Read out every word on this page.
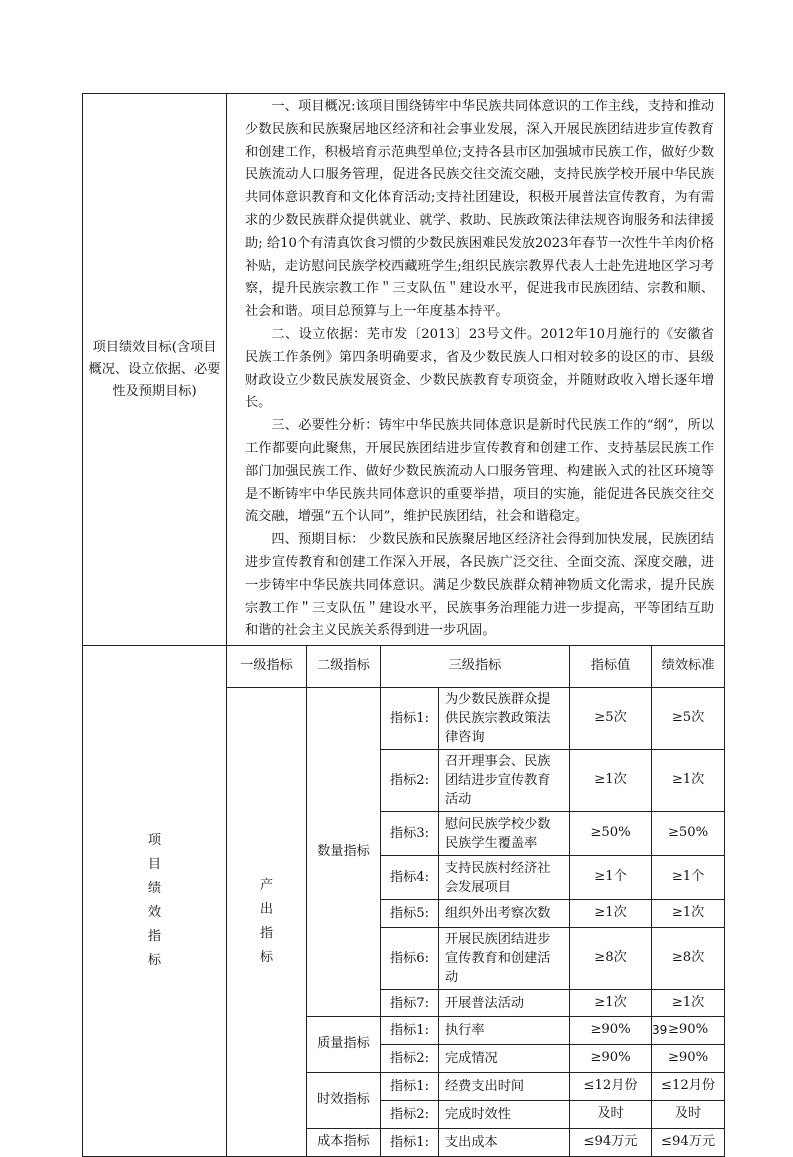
项目绩效目标(含项目概况、设立依据、必要性及预期目标)	一、项目概况:该项目围绕铸牢中华民族共同体意识的工作主线，支持和推动少数民族和民族聚居地区经济和社会事业发展，深入开展民族团结进步宣传教育和创建工作，积极培育示范典型单位;支持各县市区加强城市民族工作，做好少数民族流动人口服务管理，促进各民族交往交流交融，支持民族学校开展中华民族共同体意识教育和文化体育活动;支持社团建设，积极开展普法宣传教育，为有需求的少数民族群众提供就业、就学、救助、民族政策法律法规咨询服务和法律援助; 给10个有清真饮食习惯的少数民族困难民发放2023年春节一次性牛羊肉价格补贴，走访慰问民族学校西藏班学生;组织民族宗教界代表人士赴先进地区学习考察，提升民族宗教工作＂三支队伍＂建设水平，促进我市民族团结、宗教和顺、社会和谐。项目总预算与上一年度基本持平。

二、设立依据：芜市发〔2013〕23号文件。2012年10月施行的《安徽省民族工作条例》第四条明确要求，省及少数民族人口相对较多的设区的市、县级财政设立少数民族发展资金、少数民族教育专项资金，并随财政收入增长逐年增长。

三、必要性分析：铸牢中华民族共同体意识是新时代民族工作的“纲”，所以工作都要向此聚焦，开展民族团结进步宣传教育和创建工作、支持基层民族工作部门加强民族工作、做好少数民族流动人口服务管理、构建嵌入式的社区环境等是不断铸牢中华民族共同体意识的重要举措，项目的实施，能促进各民族交往交流交融，增强“五个认同”，维护民族团结，社会和谐稳定。

四、预期目标： 少数民族和民族聚居地区经济社会得到加快发展，民族团结进步宣传教育和创建工作深入开展，各民族广泛交往、全面交流、深度交融，进一步铸牢中华民族共同体意识。满足少数民族群众精神物质文化需求，提升民族宗教工作＂三支队伍＂建设水平，民族事务治理能力进一步提高，平等团结互助和谐的社会主义民族关系得到进一步巩固。					

项目绩效指标	一级指标	二级指标	三级指标		指标值	绩效标准
	产出指标	数量指标	指标1:	为少数民族群众提供民族宗教政策法律咨询	≥5次	≥5次
			指标2:	召开理事会、民族团结进步宣传教育活动	≥1次	≥1次
			指标3:	慰问民族学校少数民族学生覆盖率	≥50%	≥50%
			指标4:	支持民族村经济社会发展项目	≥1个	≥1个
			指标5:	组织外出考察次数	≥1次	≥1次
			指标6:	开展民族团结进步宣传教育和创建活动	≥8次	≥8次
			指标7:	开展普法活动	≥1次	≥1次
		质量指标	指标1:	执行率	≥90%	≥90%
			指标2:	完成情况	≥90%	≥90%
		时效指标	指标1:	经费支出时间	≤12月份	≤12月份
			指标2:	完成时效性	及时	及时
		成本指标	指标1:	支出成本	≤94万元	≤94万元
39
